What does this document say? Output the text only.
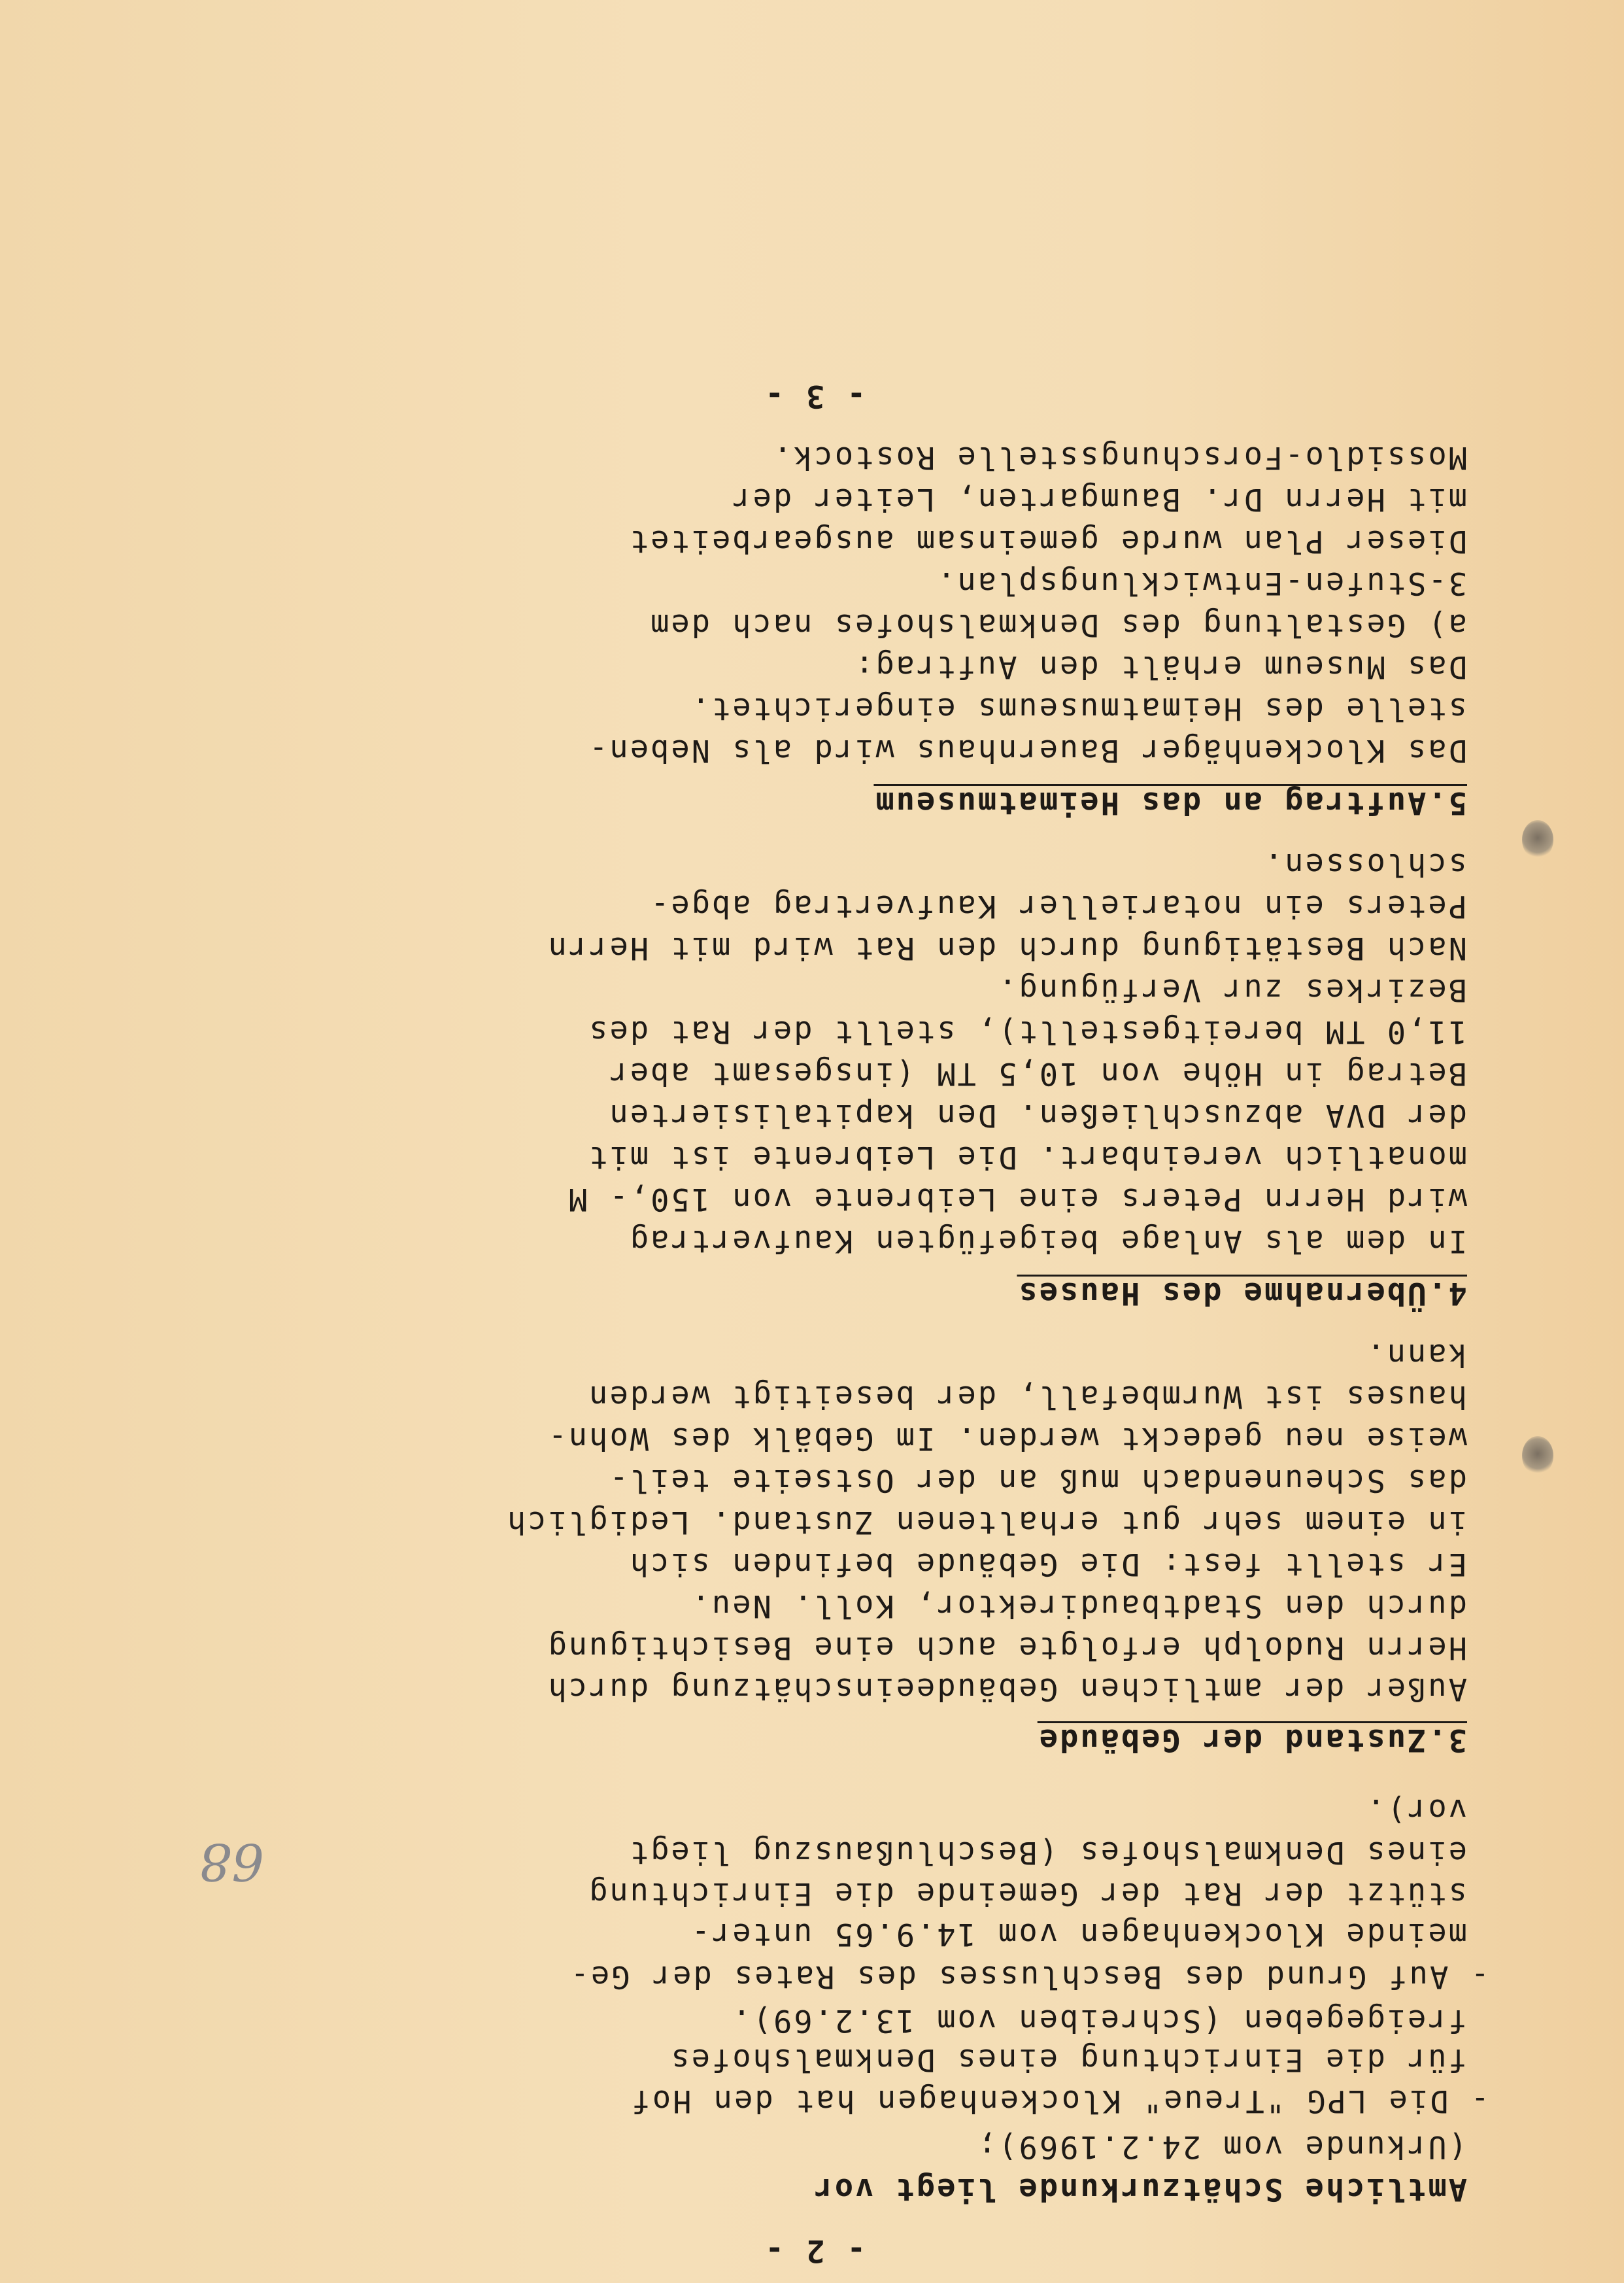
- 2 -
Amtliche Schätzurkunde liegt vor
(Urkunde vom 24.2.1969);
- Die LPG "Treue" Klockenhagen hat den Hof
für die Einrichtung eines Denkmalshofes
freigegeben (Schreiben vom 13.2.69).
- Auf Grund des Beschlusses des Rates der Ge-
meinde Klockenhagen vom 14.9.65 unter-
stützt der Rat der Gemeinde die Einrichtung
eines Denkmalshofes (Beschlußauszug liegt
vor).
3.Zustand der Gebäude
Außer der amtlichen Gebäudeeinschätzung durch
Herrn Rudolph erfolgte auch eine Besichtigung
durch den Stadtbaudirektor, Koll. Neu.
Er stellt fest: Die Gebäude befinden sich
in einem sehr gut erhaltenen Zustand. Lediglich
das Scheunendach muß an der Ostseite teil-
weise neu gedeckt werden. Im Gebälk des Wohn-
hauses ist Wurmbefall, der beseitigt werden
kann.
4.Übernahme des Hauses
In dem als Anlage beigefügten Kaufvertrag
wird Herrn Peters eine Leibrente von 150,- M
monatlich vereinbart. Die Leibrente ist mit
der DVA abzuschließen. Den kapitalisierten
Betrag in Höhe von 10,5 TM (insgesamt aber
11,0 TM bereitgestellt), stellt der Rat des
Bezirkes zur Verfügung.
Nach Bestätigung durch den Rat wird mit Herrn
Peters ein notarieller Kaufvertrag abge-
schlossen.
5.Auftrag an das Heimatmuseum
Das Klockenhäger Bauernhaus wird als Neben-
stelle des Heimatmuseums eingerichtet.
Das Museum erhält den Auftrag:
a) Gestaltung des Denkmalshofes nach dem
3-Stufen-Entwicklungsplan.
Dieser Plan wurde gemeinsam ausgearbeitet
mit Herrn Dr. Baumgarten, Leiter der
Mossidlo-Forschungsstelle Rostock.
- 3 -
68
